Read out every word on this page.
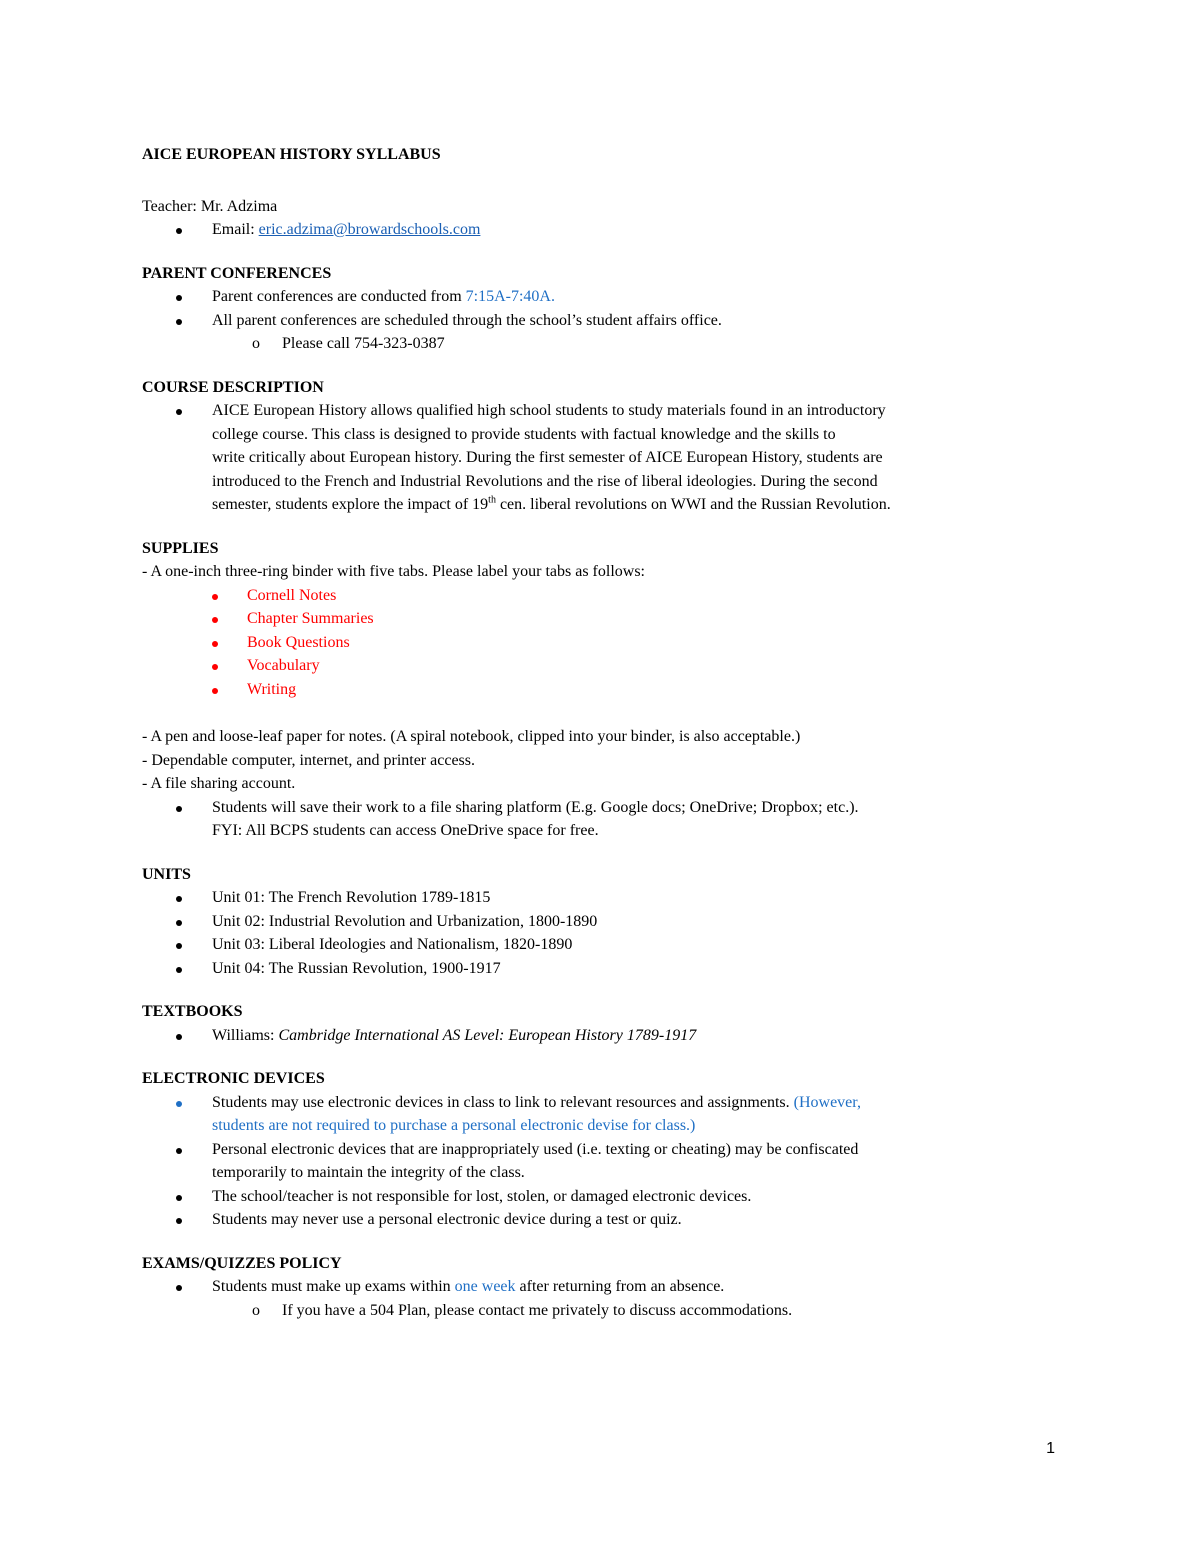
AICE EUROPEAN HISTORY SYLLABUS

Teacher: Mr. Adzima

Email: eric.adzima@browardschools.com

PARENT CONFERENCES

Parent conferences are conducted from 7:15A-7:40A.
All parent conferences are scheduled through the school’s student affairs office.
o Please call 754-323-0387

COURSE DESCRIPTION

AICE European History allows qualified high school students to study materials found in an introductory
college course. This class is designed to provide students with factual knowledge and the skills to
write critically about European history. During the first semester of AICE European History, students are
introduced to the French and Industrial Revolutions and the rise of liberal ideologies. During the second
semester, students explore the impact of 19th cen. liberal revolutions on WWI and the Russian Revolution.

SUPPLIES

- A one-inch three-ring binder with five tabs. Please label your tabs as follows:

Cornell Notes
Chapter Summaries
Book Questions
Vocabulary
Writing

- A pen and loose-leaf paper for notes. (A spiral notebook, clipped into your binder, is also acceptable.)

- Dependable computer, internet, and printer access.

- A file sharing account.

Students will save their work to a file sharing platform (E.g. Google docs; OneDrive; Dropbox; etc.).
FYI: All BCPS students can access OneDrive space for free.

UNITS

Unit 01: The French Revolution 1789-1815
Unit 02: Industrial Revolution and Urbanization, 1800-1890
Unit 03: Liberal Ideologies and Nationalism, 1820-1890
Unit 04: The Russian Revolution, 1900-1917

TEXTBOOKS

Williams: Cambridge International AS Level: European History 1789-1917

ELECTRONIC DEVICES

Students may use electronic devices in class to link to relevant resources and assignments. (However,
students are not required to purchase a personal electronic devise for class.)
Personal electronic devices that are inappropriately used (i.e. texting or cheating) may be confiscated
temporarily to maintain the integrity of the class.
The school/teacher is not responsible for lost, stolen, or damaged electronic devices.
Students may never use a personal electronic device during a test or quiz.

EXAMS/QUIZZES POLICY

Students must make up exams within one week after returning from an absence.
o If you have a 504 Plan, please contact me privately to discuss accommodations.
1
